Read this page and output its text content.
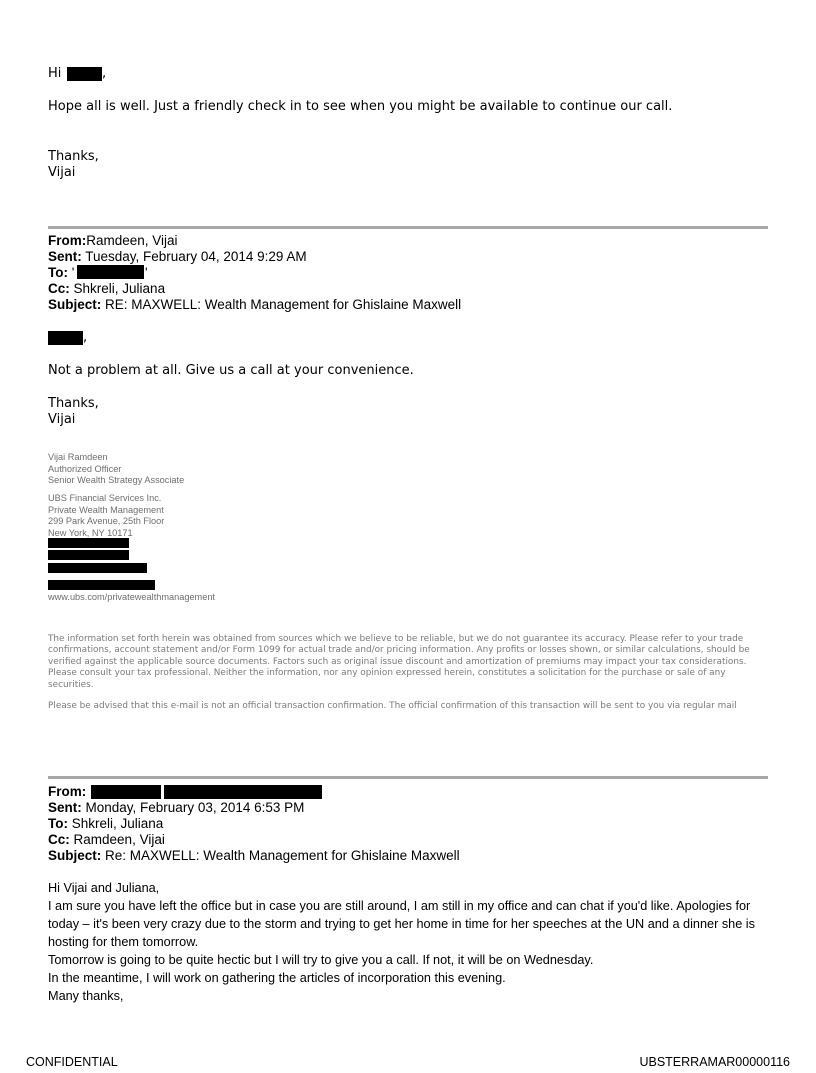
Hi	,
Hope all is well. Just a friendly check in to see when you might be available to continue our call.
Thanks,
Vijai
From:Ramdeen, Vijai
Sent: Tuesday, February 04, 2014 9:29 AM
To: '	'
Cc: Shkreli, Juliana
Subject: RE: MAXWELL: Wealth Management for Ghislaine Maxwell
,
Not a problem at all. Give us a call at your convenience.
Thanks,
Vijai
Vijai Ramdeen
Authorized Officer
Senior Wealth Strategy Associate
UBS Financial Services Inc.
Private Wealth Management
299 Park Avenue, 25th Floor
New York, NY 10171
www.ubs.com/privatewealthmanagement
The information set forth herein was obtained from sources which we believe to be reliable, but we do not guarantee its accuracy. Please refer to your trade confirmations, account statement and/or Form 1099 for actual trade and/or pricing information. Any profits or losses shown, or similar calculations, should be verified against the applicable source documents. Factors such as original issue discount and amortization of premiums may impact your tax considerations. Please consult your tax professional. Neither the information, nor any opinion expressed herein, constitutes a solicitation for the purchase or sale of any securities.
Please be advised that this e-mail is not an official transaction confirmation. The official confirmation of this transaction will be sent to you via regular mail
From:
Sent: Monday, February 03, 2014 6:53 PM
To: Shkreli, Juliana
Cc: Ramdeen, Vijai
Subject: Re: MAXWELL: Wealth Management for Ghislaine Maxwell
Hi Vijai and Juliana,
I am sure you have left the office but in case you are still around, I am still in my office and can chat if you'd like. Apologies for today – it's been very crazy due to the storm and trying to get her home in time for her speeches at the UN and a dinner she is hosting for them tomorrow.
Tomorrow is going to be quite hectic but I will try to give you a call. If not, it will be on Wednesday.
In the meantime, I will work on gathering the articles of incorporation this evening.
Many thanks,
CONFIDENTIAL	UBSTERRAMAR00000116
